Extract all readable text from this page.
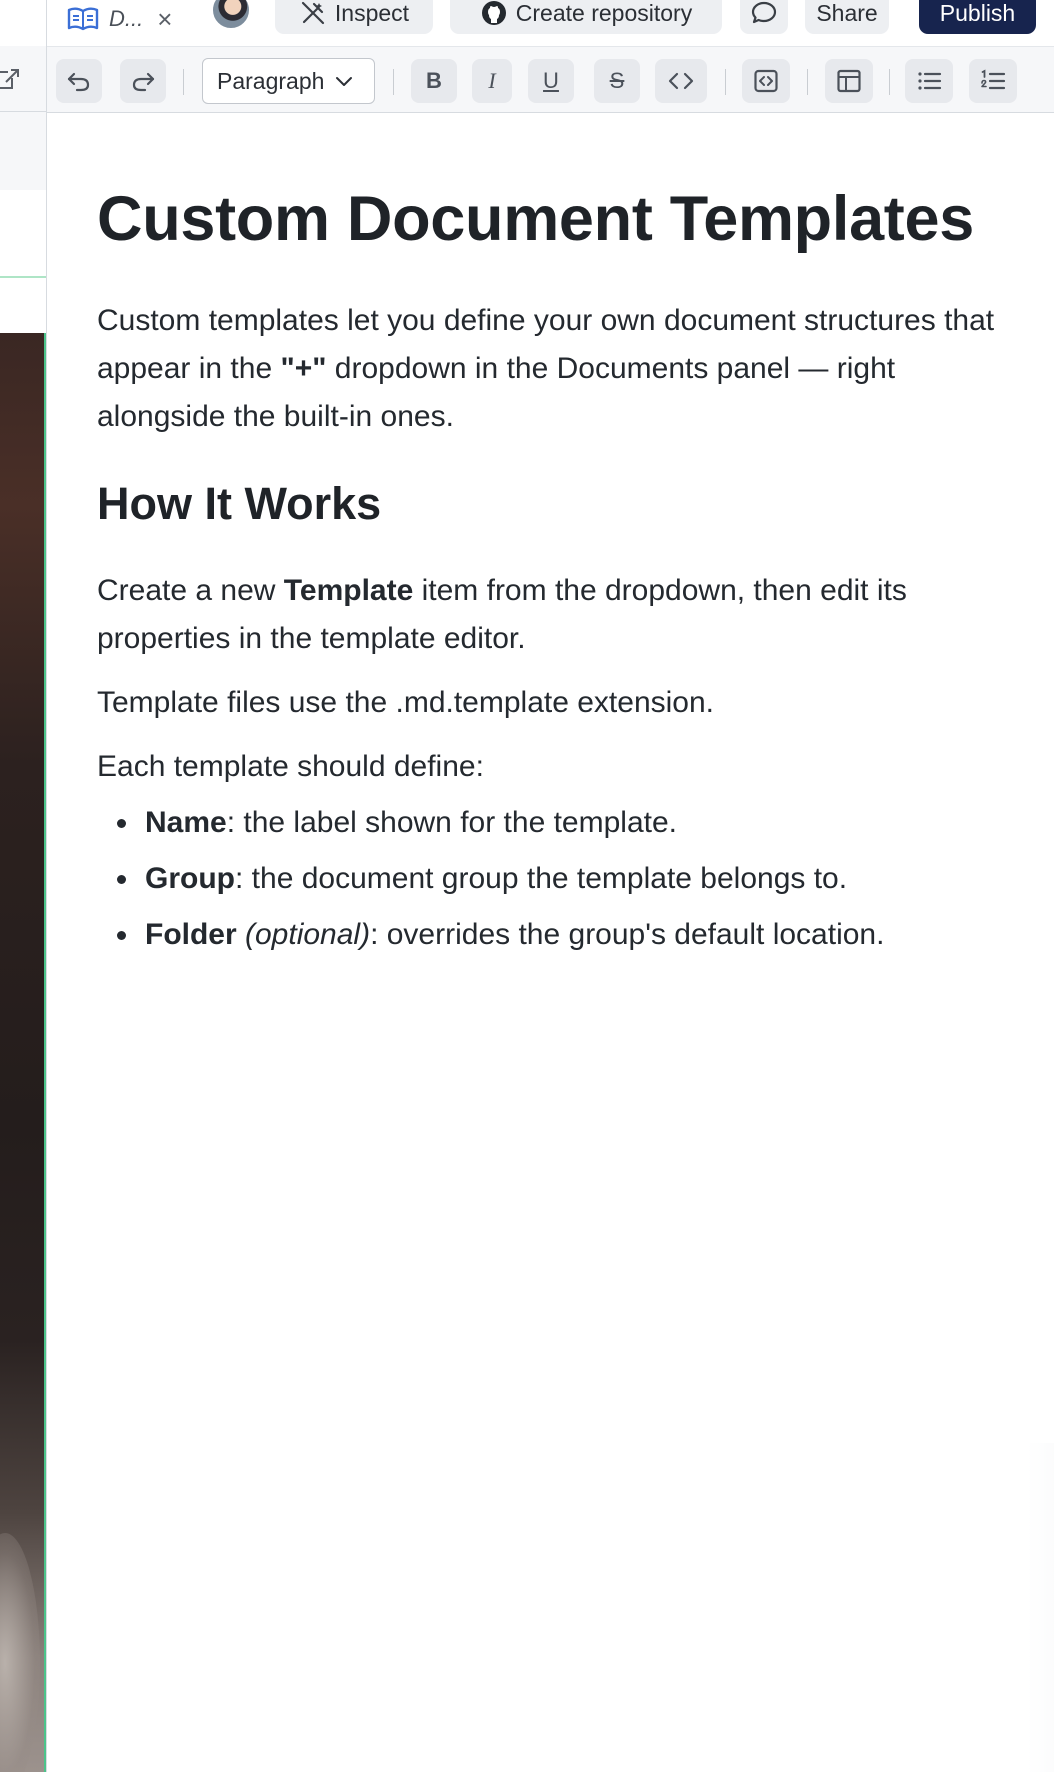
D... ×	Inspect	Create repository	Share	Publish
Paragraph	B I U S
Custom Document Templates

Custom templates let you define your own document structures that appear in the "+" dropdown in the Documents panel — right alongside the built-in ones.

How It Works

Create a new Template item from the dropdown, then edit its properties in the template editor.

Template files use the .md.template extension.

Each template should define:

Name: the label shown for the template.
Group: the document group the template belongs to.
Folder (optional): overrides the group's default location.
